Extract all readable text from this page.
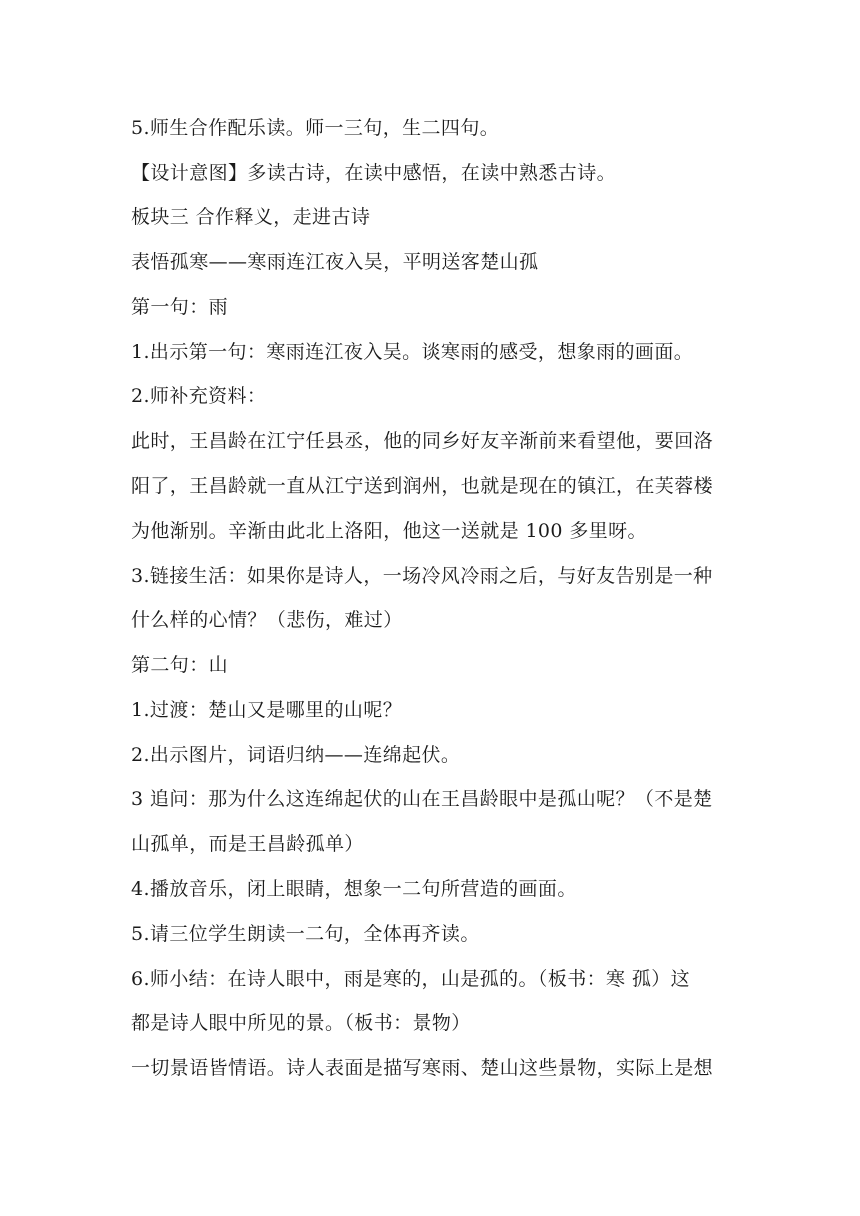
5.师生合作配乐读。师一三句，生二四句。
【设计意图】多读古诗，在读中感悟，在读中熟悉古诗。
板块三 合作释义，走进古诗
表悟孤寒——寒雨连江夜入吴，平明送客楚山孤
第一句：雨
1.出示第一句：寒雨连江夜入吴。谈寒雨的感受，想象雨的画面。
2.师补充资料：
此时，王昌龄在江宁任县丞，他的同乡好友辛渐前来看望他，要回洛
阳了，王昌龄就一直从江宁送到润州，也就是现在的镇江，在芙蓉楼
为他渐别。辛渐由此北上洛阳，他这一送就是 100 多里呀。
3.链接生活：如果你是诗人，一场冷风冷雨之后，与好友告别是一种
什么样的心情？（悲伤，难过）
第二句：山
1.过渡：楚山又是哪里的山呢？
2.出示图片，词语归纳——连绵起伏。
3 追问：那为什么这连绵起伏的山在王昌龄眼中是孤山呢？（不是楚
山孤单，而是王昌龄孤单）
4.播放音乐，闭上眼睛，想象一二句所营造的画面。
5.请三位学生朗读一二句，全体再齐读。
6.师小结：在诗人眼中，雨是寒的，山是孤的。（板书：寒 孤）这
都是诗人眼中所见的景。（板书：景物）
一切景语皆情语。诗人表面是描写寒雨、楚山这些景物，实际上是想
